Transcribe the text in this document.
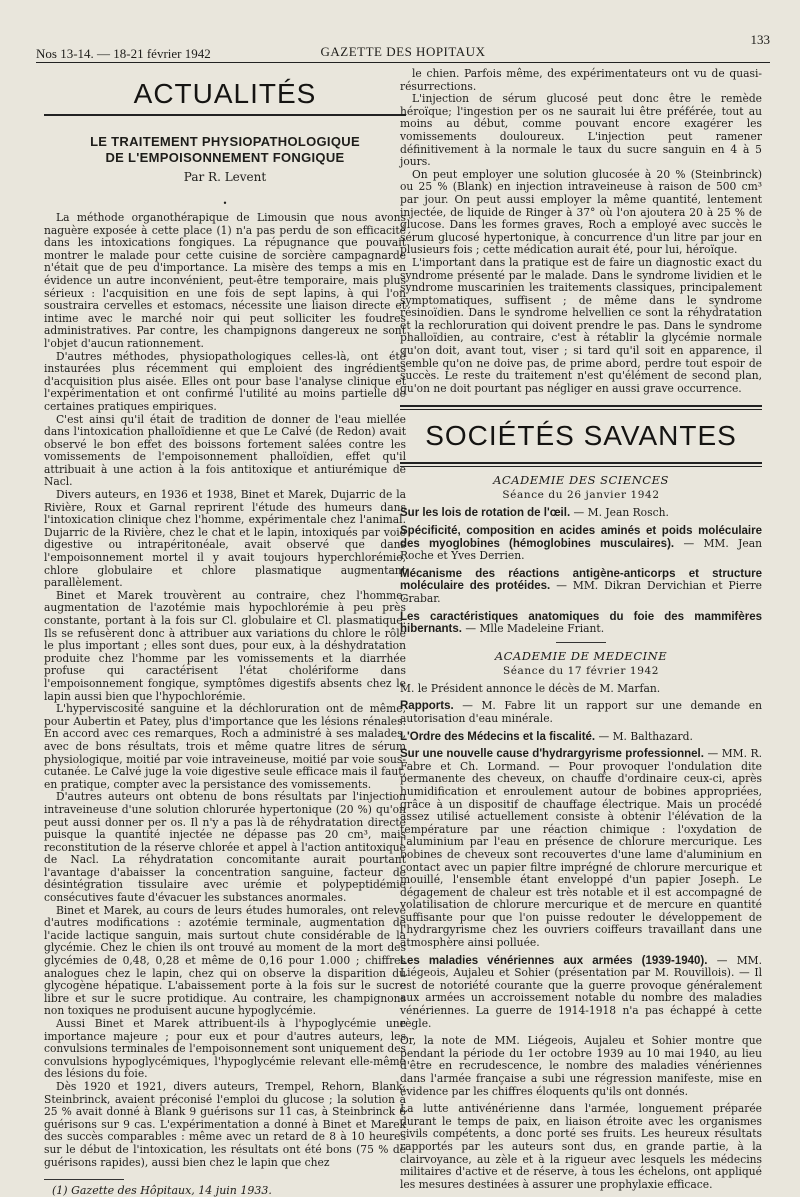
Nos 13-14. — 18-21 février 1942	GAZETTE DES HOPITAUX
133
ACTUALITÉS
LE TRAITEMENT PHYSIOPATHOLOGIQUE
DE L'EMPOISONNEMENT FONGIQUE
Par R. Levent
•

La méthode organothérapique de Limousin que nous avons naguère exposée à cette place (1) n'a pas perdu de son efficacité dans les intoxications fongiques. La répugnance que pouvait montrer le malade pour cette cuisine de sorcière campagnarde n'était que de peu d'importance. La misère des temps a mis en évidence un autre inconvénient, peut-être temporaire, mais plus sérieux : l'acquisition en une fois de sept lapins, à qui l'on soustraira cervelles et estomacs, nécessite une liaison directe et intime avec le marché noir qui peut solliciter les foudres administratives. Par contre, les champignons dangereux ne sont l'objet d'aucun rationnement.

D'autres méthodes, physiopathologiques celles-là, ont été instaurées plus récemment qui emploient des ingrédients d'acquisition plus aisée. Elles ont pour base l'analyse clinique et l'expérimentation et ont confirmé l'utilité au moins partielle de certaines pratiques empiriques.

C'est ainsi qu'il était de tradition de donner de l'eau miellée dans l'intoxication phalloïdienne et que Le Calvé (de Redon) avait observé le bon effet des boissons fortement salées contre les vomissements de l'empoisonnement phalloïdien, effet qu'il attribuait à une action à la fois antitoxique et antiurémique de Nacl.

Divers auteurs, en 1936 et 1938, Binet et Marek, Dujarric de la Rivière, Roux et Garnal reprirent l'étude des humeurs dans l'intoxication clinique chez l'homme, expérimentale chez l'animal. Dujarric de la Rivière, chez le chat et le lapin, intoxiqués par voie digestive ou intrapéritonéale, avait observé que dans l'empoisonnement mortel il y avait toujours hyperchlorémie, chlore globulaire et chlore plasmatique augmentant parallèlement.

Binet et Marek trouvèrent au contraire, chez l'homme, augmentation de l'azotémie mais hypochlorémie à peu près constante, portant à la fois sur Cl. globulaire et Cl. plasmatique. Ils se refusèrent donc à attribuer aux variations du chlore le rôle le plus important ; elles sont dues, pour eux, à la déshydratation produite chez l'homme par les vomissements et la diarrhée profuse qui caractérisent l'état cholériforme dans l'empoisonnement fongique, symptômes digestifs absents chez le lapin aussi bien que l'hypochlorémie.

L'hyperviscosité sanguine et la déchloruration ont de même, pour Aubertin et Patey, plus d'importance que les lésions rénales. En accord avec ces remarques, Roch a administré à ses malades, avec de bons résultats, trois et même quatre litres de sérum physiologique, moitié par voie intraveineuse, moitié par voie sous-cutanée. Le Calvé juge la voie digestive seule efficace mais il faut, en pratique, compter avec la persistance des vomissements.

D'autres auteurs ont obtenu de bons résultats par l'injection intraveineuse d'une solution chlorurée hypertonique (20 %) qu'on peut aussi donner per os. Il n'y a pas là de réhydratation directe puisque la quantité injectée ne dépasse pas 20 cm³, mais reconstitution de la réserve chlorée et appel à l'action antitoxique de Nacl. La réhydratation concomitante aurait pourtant l'avantage d'abaisser la concentration sanguine, facteur de désintégration tissulaire avec urémie et polypeptidémie consécutives faute d'évacuer les substances anormales.

Binet et Marek, au cours de leurs études humorales, ont relevé d'autres modifications : azotémie terminale, augmentation de l'acide lactique sanguin, mais surtout chute considérable de la glycémie. Chez le chien ils ont trouvé au moment de la mort des glycémies de 0,48, 0,28 et même de 0,16 pour 1.000 ; chiffres analogues chez le lapin, chez qui on observe la disparition du glycogène hépatique. L'abaissement porte à la fois sur le sucre libre et sur le sucre protidique. Au contraire, les champignons non toxiques ne produisent aucune hypoglycémie.

Aussi Binet et Marek attribuent-ils à l'hypoglycémie une importance majeure ; pour eux et pour d'autres auteurs, les convulsions terminales de l'empoisonnement sont uniquement des convulsions hypoglycémiques, l'hypoglycémie relevant elle-même des lésions du foie.

Dès 1920 et 1921, divers auteurs, Trempel, Rehorn, Blank, Steinbrinck, avaient préconisé l'emploi du glucose ; la solution à 25 % avait donné à Blank 9 guérisons sur 11 cas, à Steinbrinck 6 guérisons sur 9 cas. L'expérimentation a donné à Binet et Marek des succès comparables : même avec un retard de 8 à 10 heures sur le début de l'intoxication, les résultats ont été bons (75 % de guérisons rapides), aussi bien chez le lapin que chez

(1) Gazette des Hôpitaux, 14 juin 1933.

le chien. Parfois même, des expérimentateurs ont vu de quasi-résurrections.

L'injection de sérum glucosé peut donc être le remède héroïque; l'ingestion per os ne saurait lui être préférée, tout au moins au début, comme pouvant encore exagérer les vomissements douloureux. L'injection peut ramener définitivement à la normale le taux du sucre sanguin en 4 à 5 jours.

On peut employer une solution glucosée à 20 % (Steinbrinck) ou 25 % (Blank) en injection intraveineuse à raison de 500 cm³ par jour. On peut aussi employer la même quantité, lentement injectée, de liquide de Ringer à 37° où l'on ajoutera 20 à 25 % de glucose. Dans les formes graves, Roch a employé avec succès le sérum glucosé hypertonique, à concurrence d'un litre par jour en plusieurs fois ; cette médication aurait été, pour lui, héroïque.

L'important dans la pratique est de faire un diagnostic exact du syndrome présenté par le malade. Dans le syndrome lividien et le syndrome muscarinien les traitements classiques, principalement symptomatiques, suffisent ; de même dans le syndrome résinoïdien. Dans le syndrome helvellien ce sont la réhydratation et la rechloruration qui doivent prendre le pas. Dans le syndrome phalloïdien, au contraire, c'est à rétablir la glycémie normale qu'on doit, avant tout, viser ; si tard qu'il soit en apparence, il semble qu'on ne doive pas, de prime abord, perdre tout espoir de succès. Le reste du traitement n'est qu'élément de second plan, qu'on ne doit pourtant pas négliger en aussi grave occurrence.

SOCIÉTÉS SAVANTES
ACADEMIE DES SCIENCES
Séance du 26 janvier 1942

Sur les lois de rotation de l'œil. — M. Jean Rosch.

Spécificité, composition en acides aminés et poids moléculaire des myoglobines (hémoglobines musculaires). — MM. Jean Roche et Yves Derrien.

Mécanisme des réactions antigène-anticorps et structure moléculaire des protéides. — MM. Dikran Dervichian et Pierre Grabar.

Les caractéristiques anatomiques du foie des mammifères hibernants. — Mlle Madeleine Friant.

ACADEMIE DE MEDECINE
Séance du 17 février 1942

M. le Président annonce le décès de M. Marfan.

Rapports. — M. Fabre lit un rapport sur une demande en autorisation d'eau minérale.

L'Ordre des Médecins et la fiscalité. — M. Balthazard.

Sur une nouvelle cause d'hydrargyrisme professionnel. — MM. R. Fabre et Ch. Lormand. — Pour provoquer l'ondulation dite permanente des cheveux, on chauffe d'ordinaire ceux-ci, après humidification et enroulement autour de bobines appropriées, grâce à un dispositif de chauffage électrique. Mais un procédé assez utilisé actuellement consiste à obtenir l'élévation de la température par une réaction chimique : l'oxydation de l'aluminium par l'eau en présence de chlorure mercurique. Les bobines de cheveux sont recouvertes d'une lame d'aluminium en contact avec un papier filtre imprégné de chlorure mercurique et mouillé, l'ensemble étant enveloppé d'un papier Joseph. Le dégagement de chaleur est très notable et il est accompagné de volatilisation de chlorure mercurique et de mercure en quantité suffisante pour que l'on puisse redouter le développement de l'hydrargyrisme chez les ouvriers coiffeurs travaillant dans une atmosphère ainsi polluée.

Les maladies vénériennes aux armées (1939-1940). — MM. Liégeois, Aujaleu et Sohier (présentation par M. Rouvillois). — Il est de notoriété courante que la guerre provoque généralement aux armées un accroissement notable du nombre des maladies vénériennes. La guerre de 1914-1918 n'a pas échappé à cette règle.

Or, la note de MM. Liégeois, Aujaleu et Sohier montre que pendant la période du 1er octobre 1939 au 10 mai 1940, au lieu d'être en recrudescence, le nombre des maladies vénériennes dans l'armée française a subi une régression manifeste, mise en évidence par les chiffres éloquents qu'ils ont donnés.

La lutte antivénérienne dans l'armée, longuement préparée durant le temps de paix, en liaison étroite avec les organismes civils compétents, a donc porté ses fruits. Les heureux résultats rapportés par les auteurs sont dus, en grande partie, à la clairvoyance, au zèle et à la rigueur avec lesquels les médecins militaires d'active et de réserve, à tous les échelons, ont appliqué les mesures destinées à assurer une prophylaxie efficace.
